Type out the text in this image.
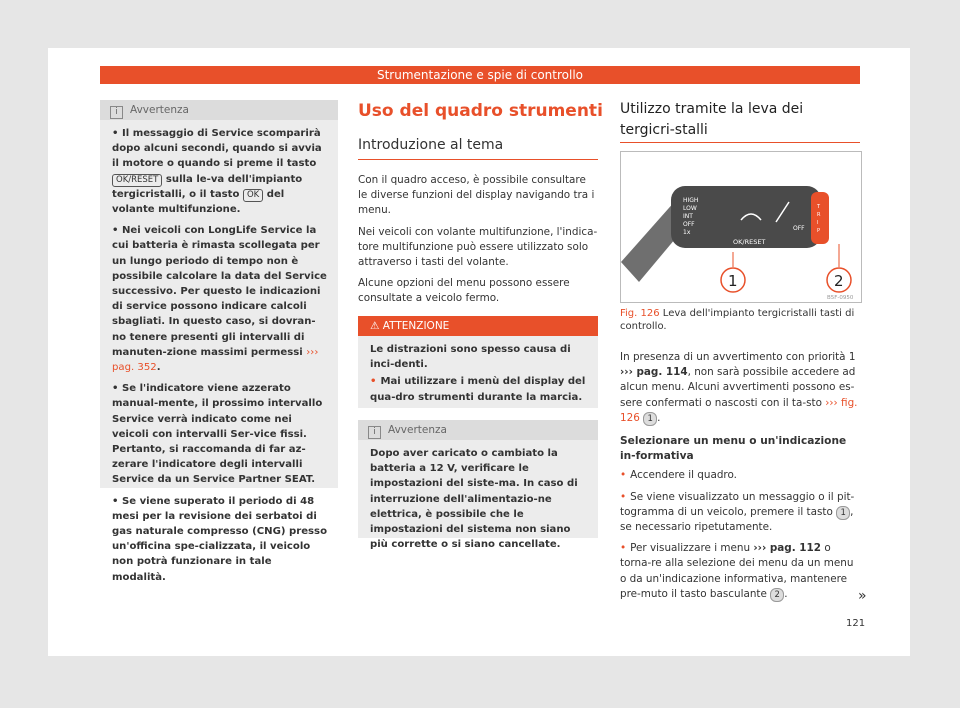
Strumentazione e spie di controllo
i Avvertenza

• Il messaggio di Service scomparirà dopo alcuni secondi, quando si avvia il motore o quando si preme il tasto OK/RESET sulla le-va dell'impianto tergicristalli, o il tasto OK del volante multifunzione.

• Nei veicoli con LongLife Service la cui batteria è rimasta scollegata per un lungo periodo di tempo non è possibile calcolare la data del Service successivo. Per questo le indicazioni di service possono indicare calcoli sbagliati. In questo caso, si dovran-no tenere presenti gli intervalli di manuten-zione massimi permessi ››› pag. 352.

• Se l'indicatore viene azzerato manual-mente, il prossimo intervallo Service verrà indicato come nei veicoli con intervalli Ser-vice fissi. Pertanto, si raccomanda di far az-zerare l'indicatore degli intervalli Service da un Service Partner SEAT.

• Se viene superato il periodo di 48 mesi per la revisione dei serbatoi di gas naturale compresso (CNG) presso un'officina spe-cializzata, il veicolo non potrà funzionare in tale modalità.

Uso del quadro strumenti
Introduzione al tema

Con il quadro acceso, è possibile consultare le diverse funzioni del display navigando tra i menu.

Nei veicoli con volante multifunzione, l'indica-tore multifunzione può essere utilizzato solo attraverso i tasti del volante.

Alcune opzioni del menu possono essere consultate a veicolo fermo.

⚠ ATTENZIONE

Le distrazioni sono spesso causa di inci-denti.

• Mai utilizzare i menù del display del qua-dro strumenti durante la marcia.

i Avvertenza
Dopo aver caricato o cambiato la batteria a 12 V, verificare le impostazioni del siste-ma. In caso di interruzione dell'alimentazio-ne elettrica, è possibile che le impostazioni del sistema non siano più corrette o si siano cancellate.
Utilizzo tramite la leva dei tergicri-stalli
HIGH
LOW
INT
OFF
1x
OK/RESET
OFF
T
R
I
P
1	2
B5F-0950
Fig. 126 Leva dell'impianto tergicristalli tasti di controllo.

In presenza di un avvertimento con priorità 1 ››› pag. 114, non sarà possibile accedere ad alcun menu. Alcuni avvertimenti possono es-sere confermati o nascosti con il ta-sto ››› fig. 126 1 .

Selezionare un menu o un'indicazione in-formativa

• Accendere il quadro.

• Se viene visualizzato un messaggio o il pit-togramma di un veicolo, premere il tasto 1 , se necessario ripetutamente.

• Per visualizzare i menu ››› pag. 112 o torna-re alla selezione dei menu da un menu o da un'indicazione informativa, mantenere pre-muto il tasto basculante 2 .	»
121
